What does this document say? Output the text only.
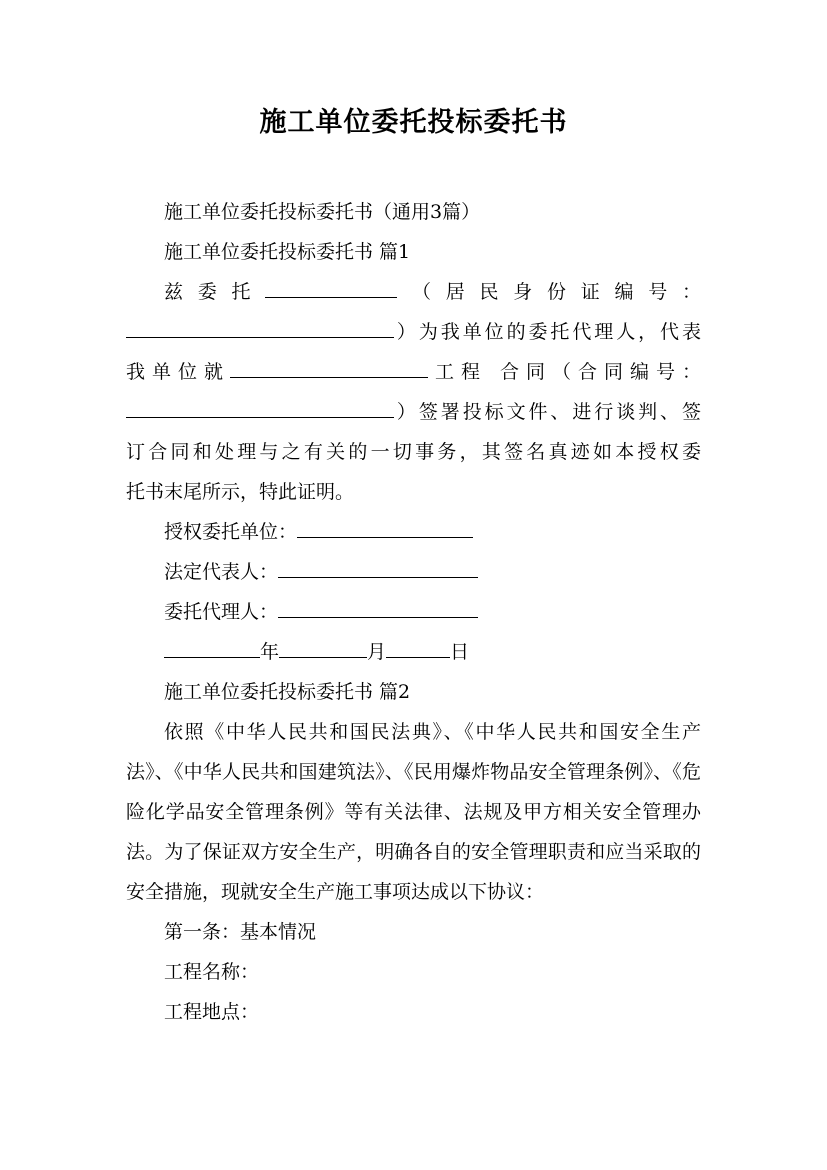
施工单位委托投标委托书

施工单位委托投标委托书（通用3篇）

施工单位委托投标委托书 篇1

兹委托	（居民身份证编号：

）为我单位的委托代理人，代表

我单位就	工程 合同（合同编号：

）签署投标文件、进行谈判、签

订合同和处理与之有关的一切事务，其签名真迹如本授权委

托书末尾所示，特此证明。

授权委托单位：

法定代表人：

委托代理人：

年	月	日

施工单位委托投标委托书 篇2

依照《中华人民共和国民法典》、《中华人民共和国安全生产法》、《中华人民共和国建筑法》、《民用爆炸物品安全管理条例》、《危险化学品安全管理条例》等有关法律、法规及甲方相关安全管理办法。为了保证双方安全生产，明确各自的安全管理职责和应当采取的安全措施，现就安全生产施工事项达成以下协议：

第一条：基本情况

工程名称：

工程地点：
